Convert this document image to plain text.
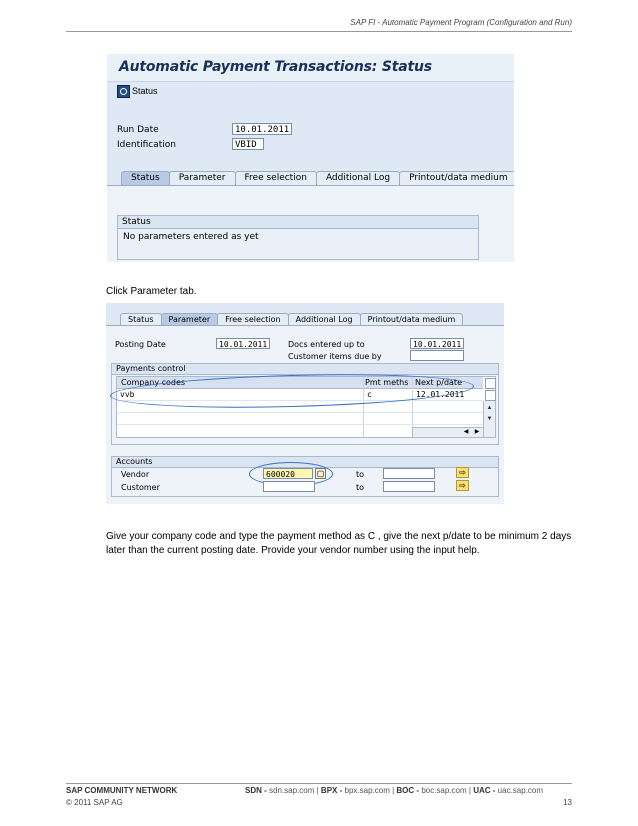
SAP FI - Automatic Payment Program (Configuration and Run)
Automatic Payment Transactions: Status
Status
Run Date	10.01.2011
Identification	VBID
Status	Parameter	Free selection	Additional Log	Printout/data medium
Status
No parameters entered as yet
Click Parameter tab.
Status	Parameter	Free selection	Additional Log	Printout/data medium
Posting Date	10.01.2011	Docs entered up to	10.01.2011
Customer items due by
Payments control
Company codes	Pmt meths Next p/date
vvb	c	12.01.2011
▲
▼
◀	▶
Accounts
Vendor	600020	▢	to	⇨
Customer	to	⇨
Give your company code and type the payment method as C , give the next p/date to be minimum 2 days later than the current posting date. Provide your vendor number using the input help.
SAP COMMUNITY NETWORK	SDN - sdn.sap.com | BPX - bpx.sap.com | BOC - boc.sap.com | UAC - uac.sap.com
© 2011 SAP AG	13
